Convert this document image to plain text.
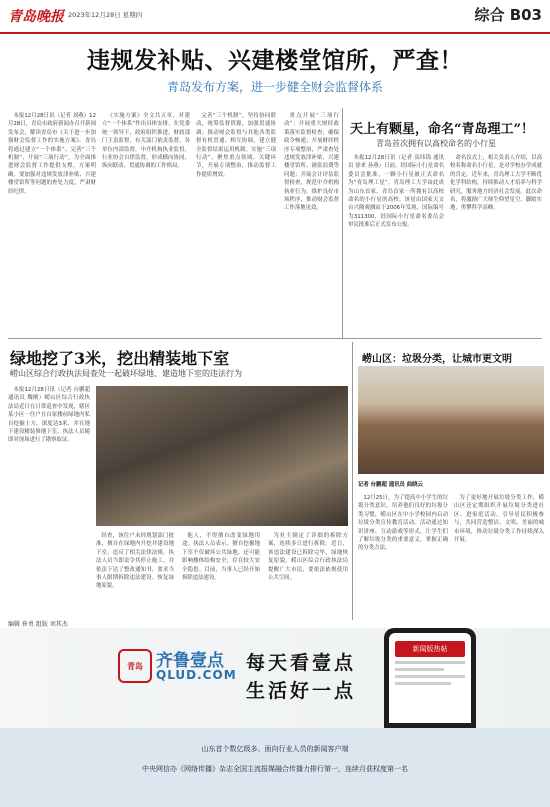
青岛晚报 2023年12月28日 星期四	综合 B03
违规发补贴、兴建楼堂馆所，严查！
青岛发布方案，进一步健全财会监督体系

本报12月28日讯（记者 刘燕）12月28日，青岛市政府新闻办召开新闻发布会，解读青岛市《关于进一步加强财会监督工作的实施方案》。青岛将通过建立“一个体系”、完善“三个机制”、开展“三项行动”，为全面推进财会监督工作提供支撑。方案明确，要加强对违规发放津补贴、兴建楼堂馆所等问题的查处力度，严肃财经纪律。

《实施方案》全文共五章，对建立“一个体系”作出具体安排。在党委统一领导下，政府组织推进，财政部门主责监督，有关部门依责监督，各单位内部监督，中介机构执业监督，行业协会自律监督，形成横向协同、纵向联动、贯通协调的工作格局。

完善“三个机制”，坚持协同联动，统筹监督资源，加强贯通协调；推动财会监督与其他各类监督有机贯通、相互协调，建立健全监督结果运用机制。实施“三项行动”，聚焦重点领域、关键环节，开展专项整治，推动监督工作提质增效。

重点开展“三项行动”：开展重大财经政策落实监督检查，确保政令畅通；开展财经秩序专项整治，严肃查处违规发放津补贴、兴建楼堂馆所、铺张浪费等问题；开展会计评估监督检查，规范中介机构执业行为，维护良好市场秩序，推动财会监督工作落地见效。

天上有颗星，命名“青岛理工”！
青岛首次拥有以高校命名的小行星

本报12月28日讯（记者 高纬锦 通讯员 徐来 孙燕）日前，经国际小行星命名委员会批准，一颗小行星被正式命名为“青岛理工星”。青岛理工大学由此成为山东首家、青岛首家一所拥有以高校命名的小行星的高校。该星由国家天文台兴隆观测站于2006年发现，国际编号为311300，经国际小行星命名委员会审议批准后正式发布公报。

命名仪式上，相关负责人介绍，以高校名称命名小行星，是对学校办学成就的肯定。近年来，青岛理工大学不断优化学科结构，持续推动人才培养与科学研究，服务地方经济社会发展。此次命名，将激励广大师生仰望星空、脚踏实地，勇攀科学高峰。

绿地挖了3米，挖出精装地下室
崂山区综合行政执法局查处一起破坏绿地、建造地下室的违法行为

本报12月28日讯（记者 台鹏超 通讯员 魏刚）崂山区综合行政执法局近日在日常巡查中发现，辖区某小区一住户在自家楼前绿地内私自挖掘土方，深度达3米，并在地下建设精装修地下室。执法人员随即对现场进行了勘察取证。

经查，该住户未经规划部门批准，擅自在绿地内开挖并建设地下室，违反了相关法律法规。执法人员当即责令其停止施工，并依法下达了整改通知书，要求当事人限期拆除违法建设、恢复绿地原貌。

他人，不得擅自改变绿地用途。执法人员表示，擅自挖掘地下室不仅破坏公共绿地，还可能影响楼体结构安全，存在较大安全隐患。目前，当事人已经开始拆除违法建设。

为业主制定了详细的拆除方案，连续多日进行拆除。近日，该违法建设已拆除完毕，绿地恢复原貌。崂山区综合行政执法局提醒广大市民，要依法依规使用公共空间。

崂山区：垃圾分类，让城市更文明
记者 台鹏超 通讯员 曲晓云

12月25日，为了提高中小学生的垃圾分类意识，培养他们良好的垃圾分类习惯，崂山区在中小学校园内启动垃圾分类宣传教育活动。活动通过知识讲座、互动游戏等形式，让学生们了解垃圾分类的重要意义，掌握正确的分类方法。

为了更好地开展垃圾分类工作，崂山区还定期组织开展垃圾分类进社区、进家庭活动，引导居民积极参与，共同营造整洁、文明、美丽的城市环境，推动垃圾分类工作持续深入开展。

编辑 崔勇 组版 刘其杰
青岛 齐鲁壹点
QLUD.COM
每天看壹点
生活好一点
新闻版热帖
山东首个数亿级多、面向行业人员的新闻客户端
中央网信办《网络传播》杂志全国主流报媒融合传播力排行第一，连续月获权度第一名
